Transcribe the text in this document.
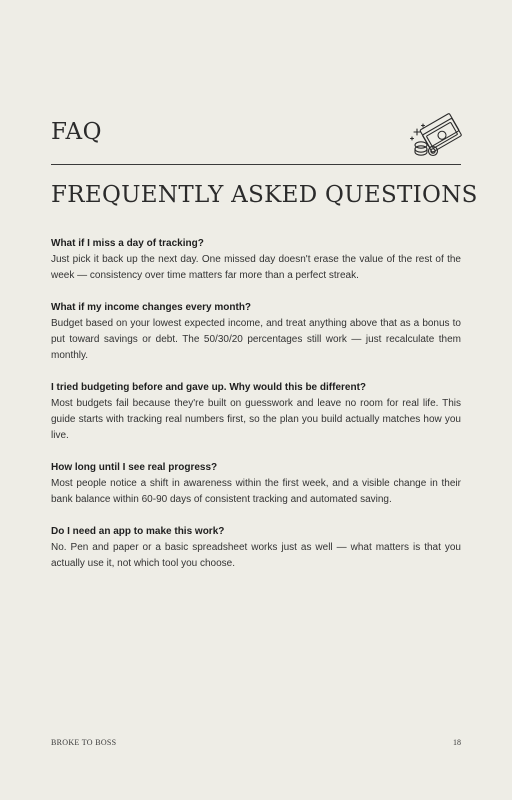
FAQ
FREQUENTLY ASKED QUESTIONS

What if I miss a day of tracking?

Just pick it back up the next day. One missed day doesn't erase the value of the rest of the week — consistency over time matters far more than a perfect streak.

What if my income changes every month?

Budget based on your lowest expected income, and treat anything above that as a bonus to put toward savings or debt. The 50/30/20 percentages still work — just recalculate them monthly.

I tried budgeting before and gave up. Why would this be different?

Most budgets fail because they're built on guesswork and leave no room for real life. This guide starts with tracking real numbers first, so the plan you build actually matches how you live.

How long until I see real progress?

Most people notice a shift in awareness within the first week, and a visible change in their bank balance within 60-90 days of consistent tracking and automated saving.

Do I need an app to make this work?

No. Pen and paper or a basic spreadsheet works just as well — what matters is that you actually use it, not which tool you choose.

BROKE TO BOSS	18
